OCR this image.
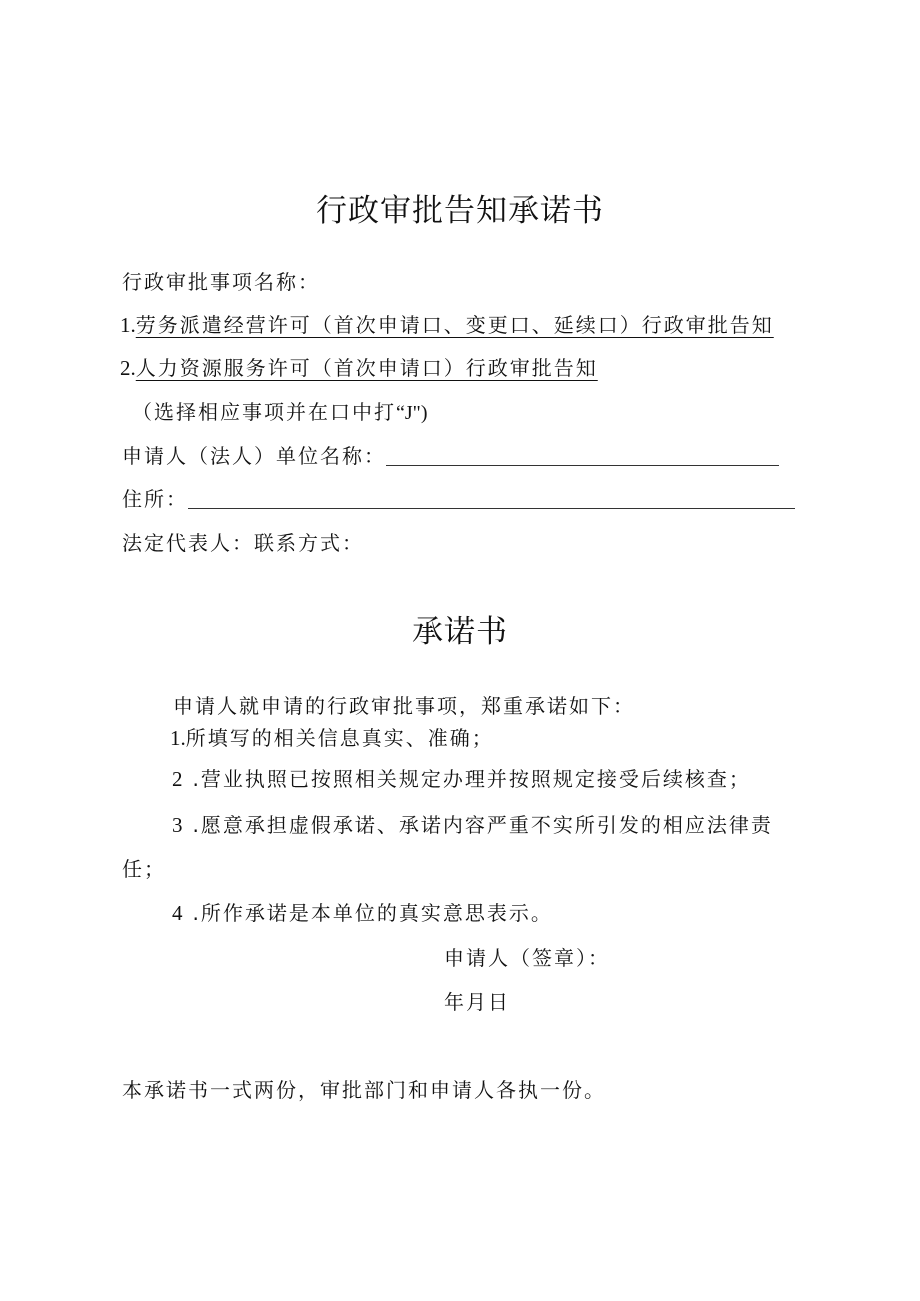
行政审批告知承诺书
行政审批事项名称：
1.劳务派遣经营许可（首次申请口、变更口、延续口）行政审批告知
2.人力资源服务许可（首次申请口）行政审批告知
（选择相应事项并在口中打“J")
申请人（法人）单位名称：
住所：
法定代表人：联系方式：
承诺书
申请人就申请的行政审批事项，郑重承诺如下：
1.所填写的相关信息真实、准确；
2 .营业执照已按照相关规定办理并按照规定接受后续核查；
3 .愿意承担虚假承诺、承诺内容严重不实所引发的相应法律责
任；
4 .所作承诺是本单位的真实意思表示。
申请人（签章）：
年月日
本承诺书一式两份，审批部门和申请人各执一份。
